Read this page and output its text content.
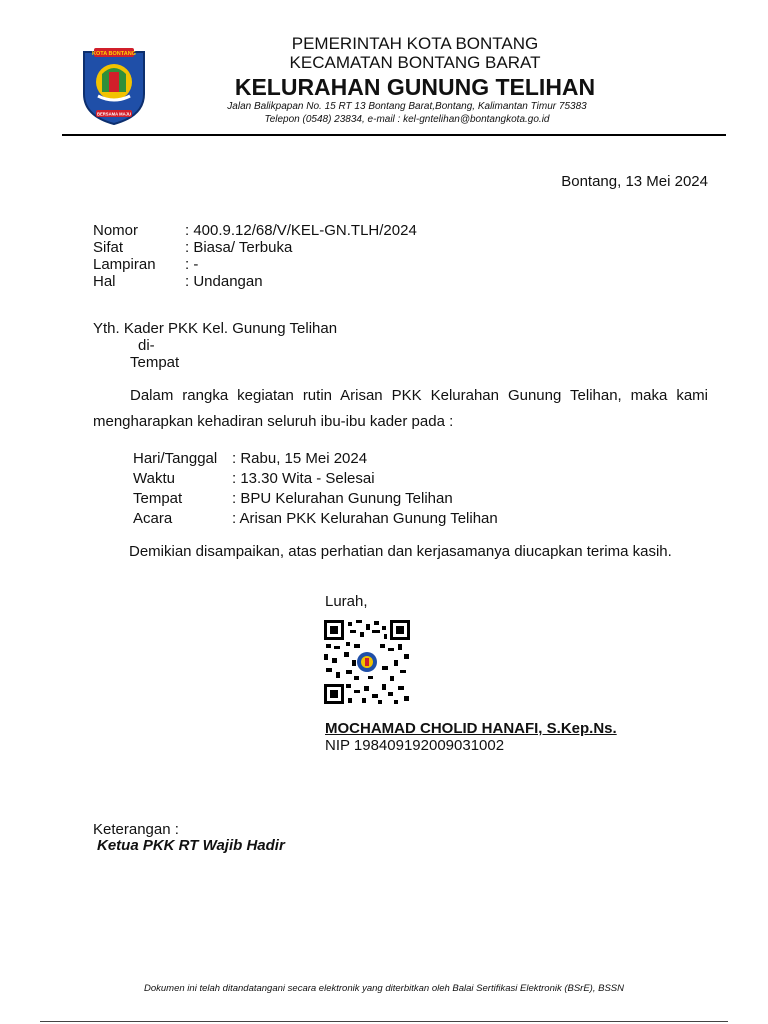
KOTA BONTANG
BERSAMA MAJU
PEMERINTAH KOTA BONTANG
KECAMATAN BONTANG BARAT
KELURAHAN GUNUNG TELIHAN
Jalan Balikpapan No. 15 RT 13 Bontang Barat,Bontang, Kalimantan Timur 75383
Telepon (0548) 23834, e-mail : kel-gntelihan@bontangkota.go.id
Bontang, 13 Mei 2024
Nomor	: 400.9.12/68/V/KEL-GN.TLH/2024
Sifat	: Biasa/ Terbuka
Lampiran : -
Hal	: Undangan
Yth. Kader PKK Kel. Gunung Telihan
di-
Tempat
Dalam rangka kegiatan rutin Arisan PKK Kelurahan Gunung Telihan, maka kami mengharapkan kehadiran seluruh ibu-ibu kader pada :
Hari/Tanggal : Rabu, 15 Mei 2024
Waktu	: 13.30 Wita - Selesai
Tempat	: BPU Kelurahan Gunung Telihan
Acara	: Arisan PKK Kelurahan Gunung Telihan
Demikian disampaikan, atas perhatian dan kerjasamanya diucapkan terima kasih.
Lurah,
MOCHAMAD CHOLID HANAFI, S.Kep.Ns.
NIP 198409192009031002
Keterangan :
Ketua PKK RT Wajib Hadir
Dokumen ini telah ditandatangani secara elektronik yang diterbitkan oleh Balai Sertifikasi Elektronik (BSrE), BSSN
